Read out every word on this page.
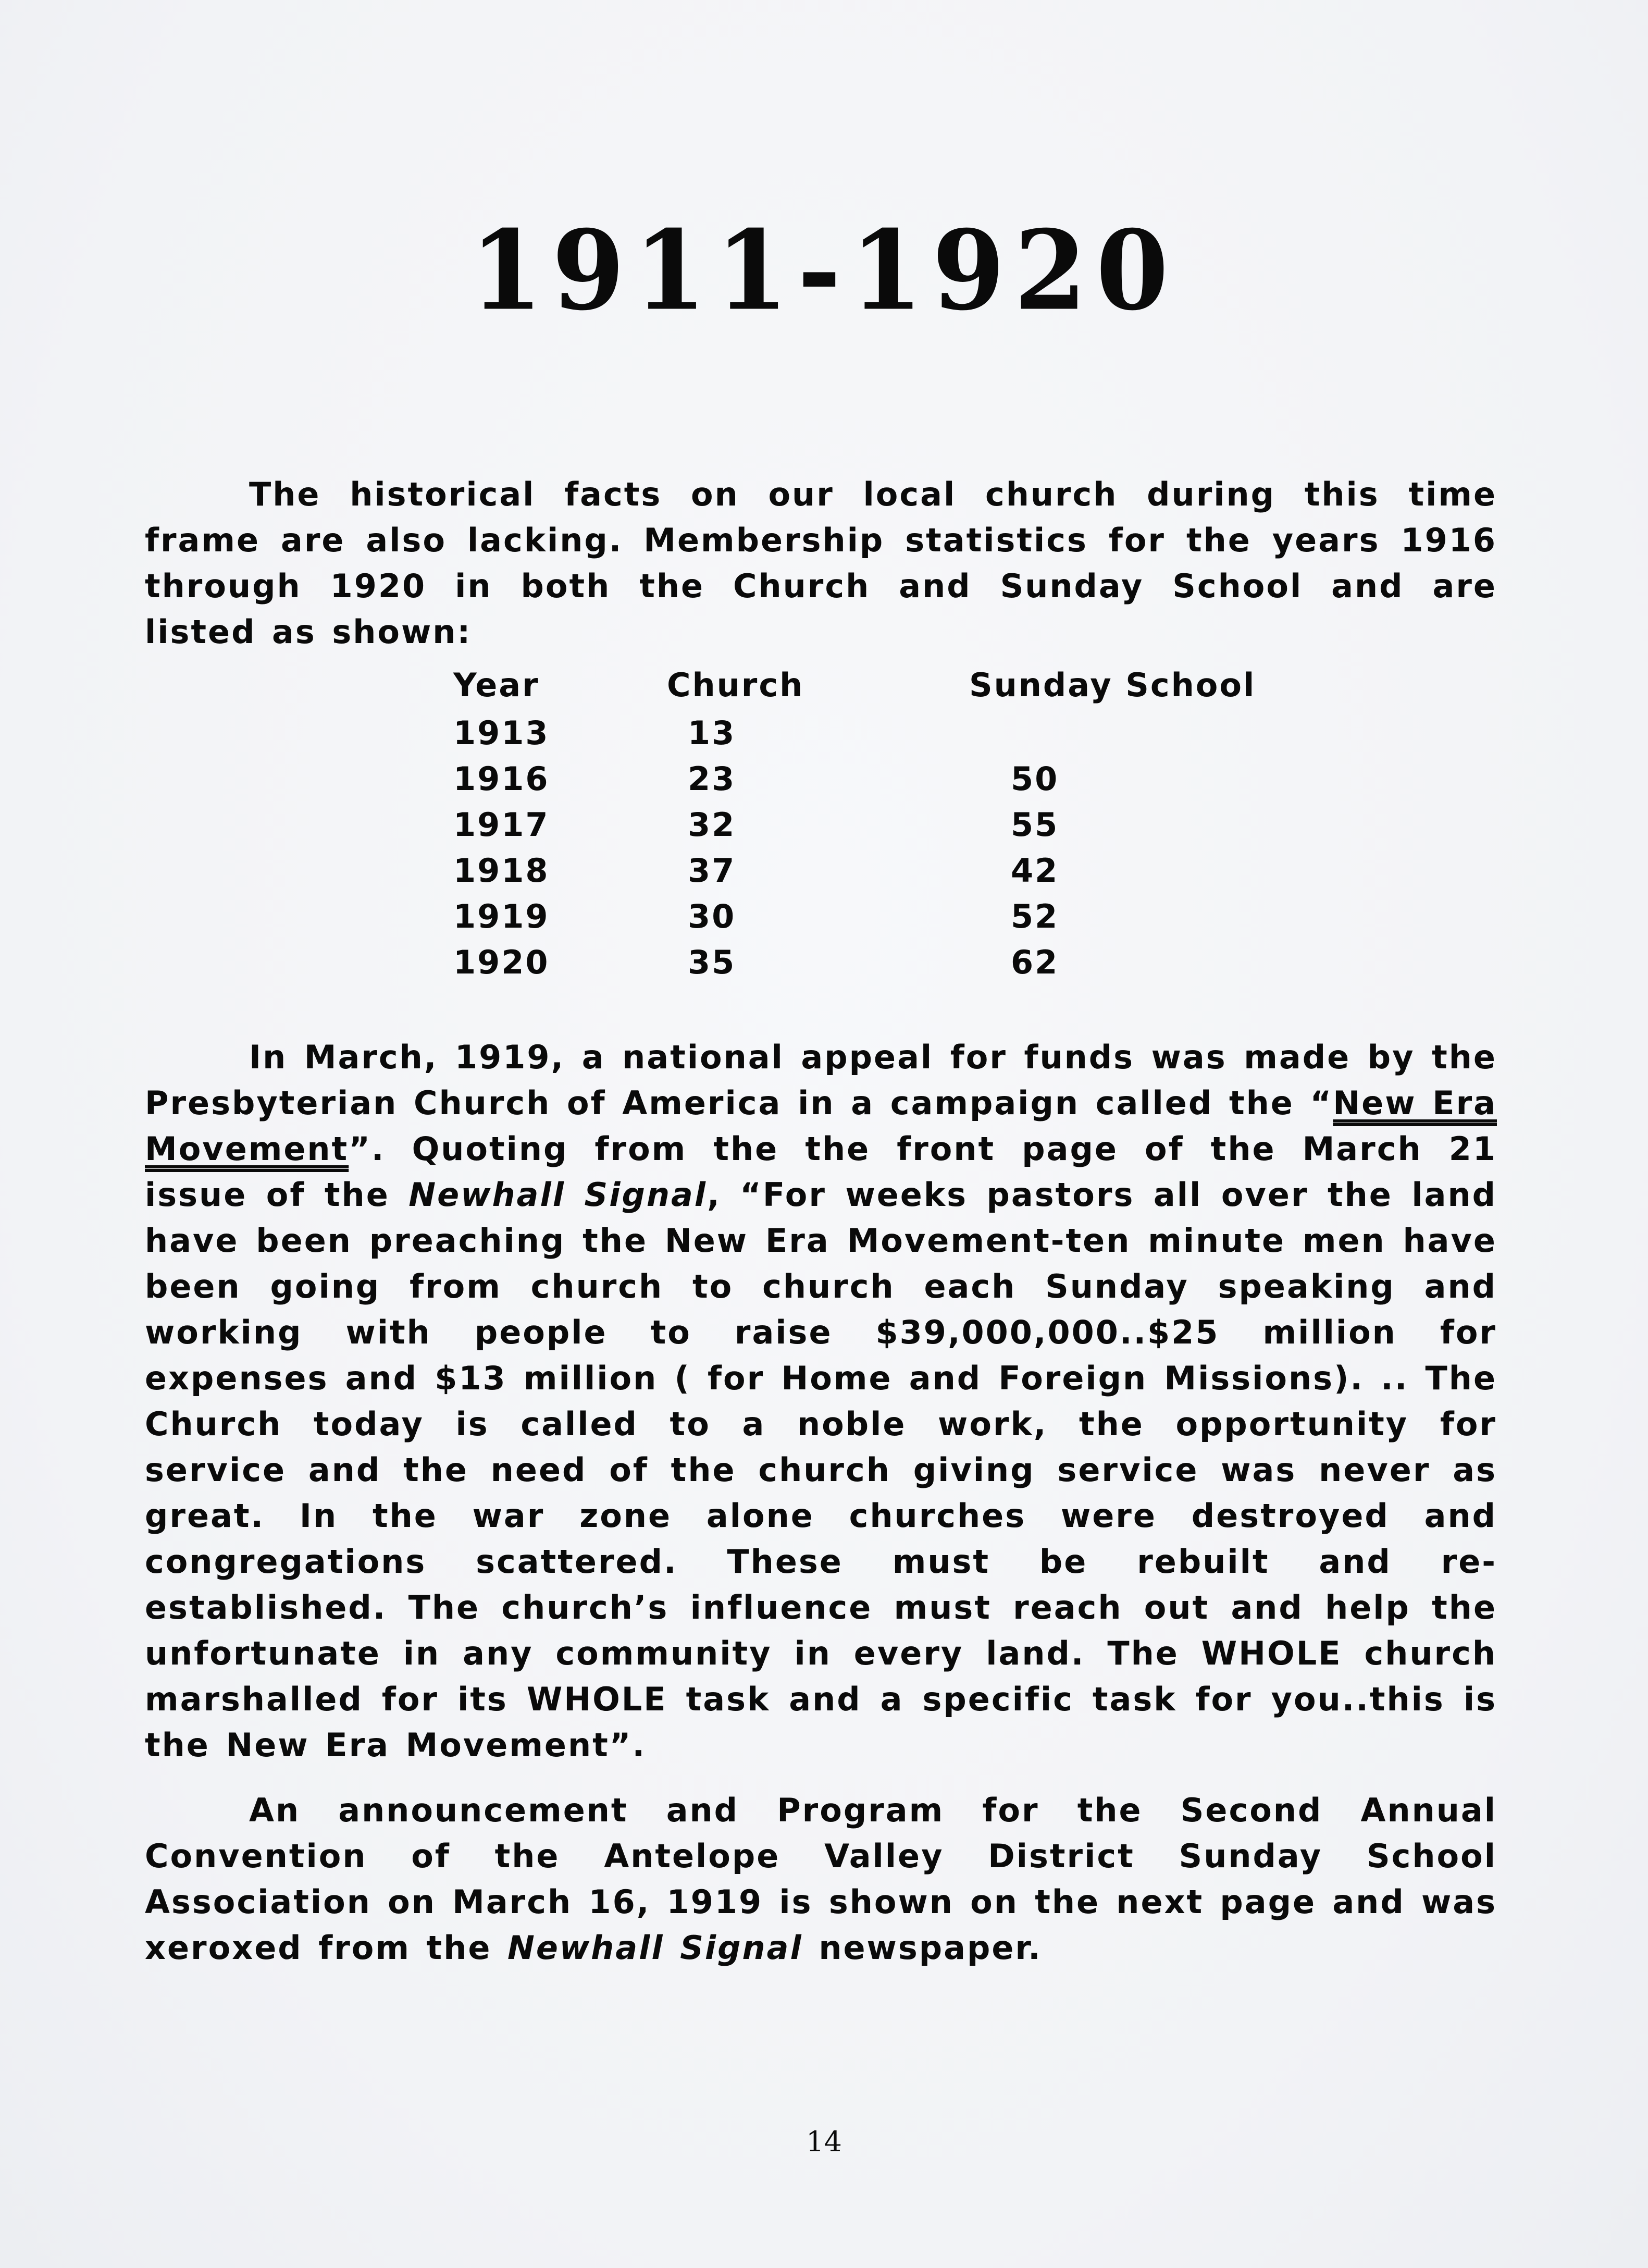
1911-1920

The historical facts on our local church during this time frame are also lacking. Membership statistics for the years 1916 through 1920 in both the Church and Sunday School and are listed as shown:

Year	Church	Sunday School
1913	13
1916	23	50
1917	32	55
1918	37	42
1919	30	52
1920	35	62

In March, 1919, a national appeal for funds was made by the Presbyterian Church of America in a campaign called the “New Era Movement”. Quoting from the the front page of the March 21 issue of the Newhall Signal, “For weeks pastors all over the land have been preaching the New Era Movement-ten minute men have been going from church to church each Sunday speaking and working with people to raise $39,000,000..$25 million for expenses and $13 million ( for Home and Foreign Missions). .. The Church today is called to a noble work, the opportunity for service and the need of the church giving service was never as great. In the war zone alone churches were destroyed and congregations scattered. These must be rebuilt and re-established. The church’s influence must reach out and help the unfortunate in any community in every land. The WHOLE church marshalled for its WHOLE task and a specific task for you..this is the New Era Movement”.

An announcement and Program for the Second Annual Convention of the Antelope Valley District Sunday School Association on March 16, 1919 is shown on the next page and was xeroxed from the Newhall Signal newspaper.

14
